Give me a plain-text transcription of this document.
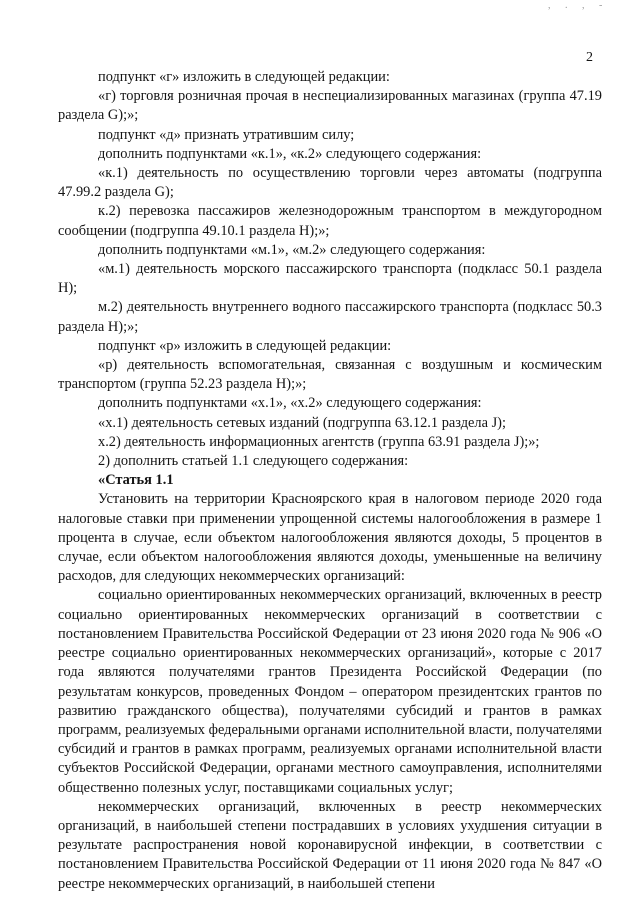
, . , -
2

подпункт «г» изложить в следующей редакции:

«г) торговля розничная прочая в неспециализированных магазинах (группа 47.19 раздела G);»;

подпункт «д» признать утратившим силу;

дополнить подпунктами «к.1», «к.2» следующего содержания:

«к.1) деятельность по осуществлению торговли через автоматы (подгруппа 47.99.2 раздела G);

к.2) перевозка пассажиров железнодорожным транспортом в междугородном сообщении (подгруппа 49.10.1 раздела H);»;

дополнить подпунктами «м.1», «м.2» следующего содержания:

«м.1) деятельность морского пассажирского транспорта (подкласс 50.1 раздела H);

м.2) деятельность внутреннего водного пассажирского транспорта (подкласс 50.3 раздела H);»;

подпункт «р» изложить в следующей редакции:

«р) деятельность вспомогательная, связанная с воздушным и космическим транспортом (группа 52.23 раздела H);»;

дополнить подпунктами «х.1», «х.2» следующего содержания:

«х.1) деятельность сетевых изданий (подгруппа 63.12.1 раздела J);

х.2) деятельность информационных агентств (группа 63.91 раздела J);»;

2) дополнить статьей 1.1 следующего содержания:

«Статья 1.1

Установить на территории Красноярского края в налоговом периоде 2020 года налоговые ставки при применении упрощенной системы налогообложения в размере 1 процента в случае, если объектом налогообложения являются доходы, 5 процентов в случае, если объектом налогообложения являются доходы, уменьшенные на величину расходов, для следующих некоммерческих организаций:

социально ориентированных некоммерческих организаций, включенных в реестр социально ориентированных некоммерческих организаций в соответствии с постановлением Правительства Российской Федерации от 23 июня 2020 года № 906 «О реестре социально ориентированных некоммерческих организаций», которые с 2017 года являются получателями грантов Президента Российской Федерации (по результатам конкурсов, проведенных Фондом – оператором президентских грантов по развитию гражданского общества), получателями субсидий и грантов в рамках программ, реализуемых федеральными органами исполнительной власти, получателями субсидий и грантов в рамках программ, реализуемых органами исполнительной власти субъектов Российской Федерации, органами местного самоуправления, исполнителями общественно полезных услуг, поставщиками социальных услуг;

некоммерческих организаций, включенных в реестр некоммерческих организаций, в наибольшей степени пострадавших в условиях ухудшения ситуации в результате распространения новой коронавирусной инфекции, в соответствии с постановлением Правительства Российской Федерации от 11 июня 2020 года № 847 «О реестре некоммерческих организаций, в наибольшей степени
